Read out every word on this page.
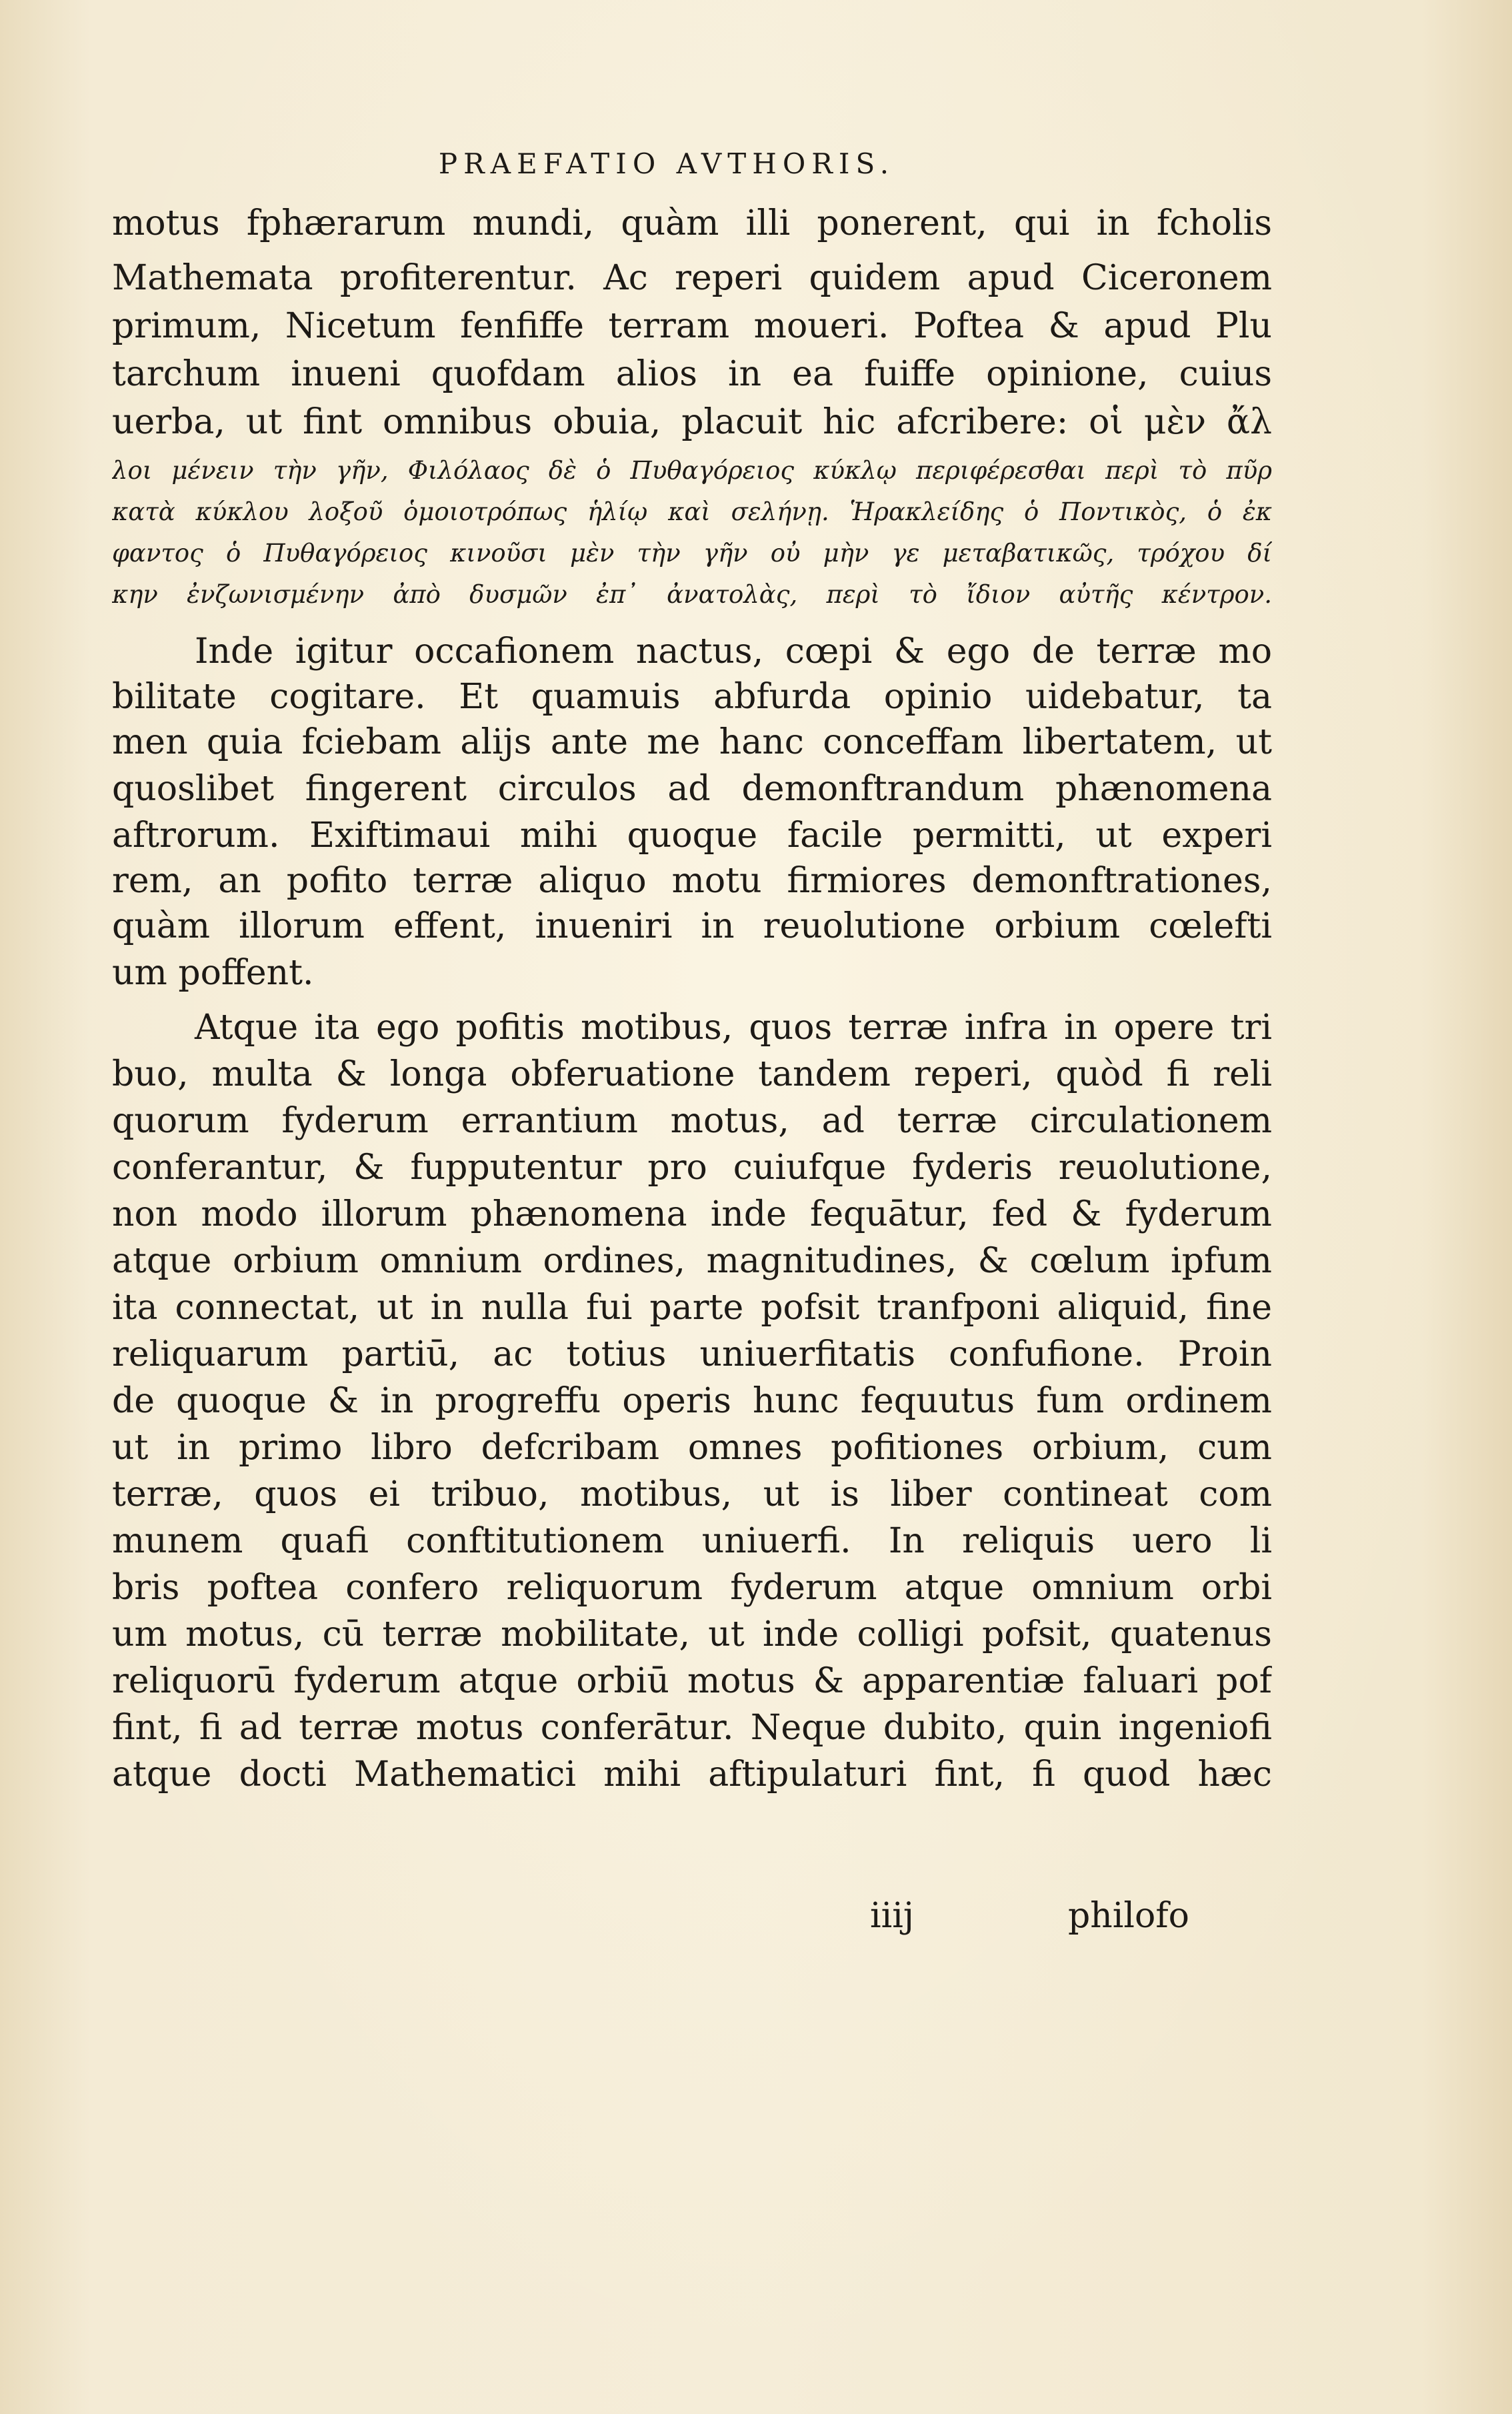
PRAEFATIO AVTHORIS.
motus fphærarum mundi, quàm illi ponerent, qui in fcholis
Mathemata profiterentur. Ac reperi quidem apud Ciceronem
primum, Nicetum fenfiffe terram moueri. Poftea & apud Plu
tarchum inueni quofdam alios in ea fuiffe opinione, cuius
uerba, ut fint omnibus obuia, placuit hic afcribere: οἱ μὲν ἄλ
λοι μένειν τὴν γῆν, Φιλόλαος δὲ ὁ Πυθαγόρειος κύκλῳ περιφέρεσθαι περὶ τὸ πῦρ
κατὰ κύκλου λοξοῦ ὁμοιοτρόπως ἡλίῳ καὶ σελήνῃ. Ἡρακλείδης ὁ Ποντικὸς, ὁ ἐκ
φαντος ὁ Πυθαγόρειος κινοῦσι μὲν τὴν γῆν οὐ μὴν γε μεταβατικῶς, τρόχου δί
κην ἐνζωνισμένην ἀπὸ δυσμῶν ἐπ᾽ ἀνατολὰς, περὶ τὸ ἴδιον αὐτῆς κέντρον.
Inde igitur occafionem nactus, cœpi & ego de terræ mo
bilitate cogitare. Et quamuis abfurda opinio uidebatur, ta
men quia fciebam alijs ante me hanc conceffam libertatem, ut
quoslibet fingerent circulos ad demonftrandum phænomena
aftrorum. Exiftimaui mihi quoque facile permitti, ut experi
rem, an pofito terræ aliquo motu firmiores demonftrationes,
quàm illorum effent, inueniri in reuolutione orbium cœlefti
um poffent.
Atque ita ego pofitis motibus, quos terræ infra in opere tri
buo, multa & longa obferuatione tandem reperi, quòd fi reli
quorum fyderum errantium motus, ad terræ circulationem
conferantur, & fupputentur pro cuiufque fyderis reuolutione,
non modo illorum phænomena inde fequātur, fed & fyderum
atque orbium omnium ordines, magnitudines, & cœlum ipfum
ita connectat, ut in nulla fui parte pofsit tranfponi aliquid, fine
reliquarum partiū, ac totius uniuerfitatis confufione. Proin
de quoque & in progreffu operis hunc fequutus fum ordinem
ut in primo libro defcribam omnes pofitiones orbium, cum
terræ, quos ei tribuo, motibus, ut is liber contineat com
munem quafi conftitutionem uniuerfi. In reliquis uero li
bris poftea confero reliquorum fyderum atque omnium orbi
um motus, cū terræ mobilitate, ut inde colligi pofsit, quatenus
reliquorū fyderum atque orbiū motus & apparentiæ faluari pof
fint, fi ad terræ motus conferātur. Neque dubito, quin ingeniofi
atque docti Mathematici mihi aftipulaturi fint, fi quod hæc
iiij	philofo
